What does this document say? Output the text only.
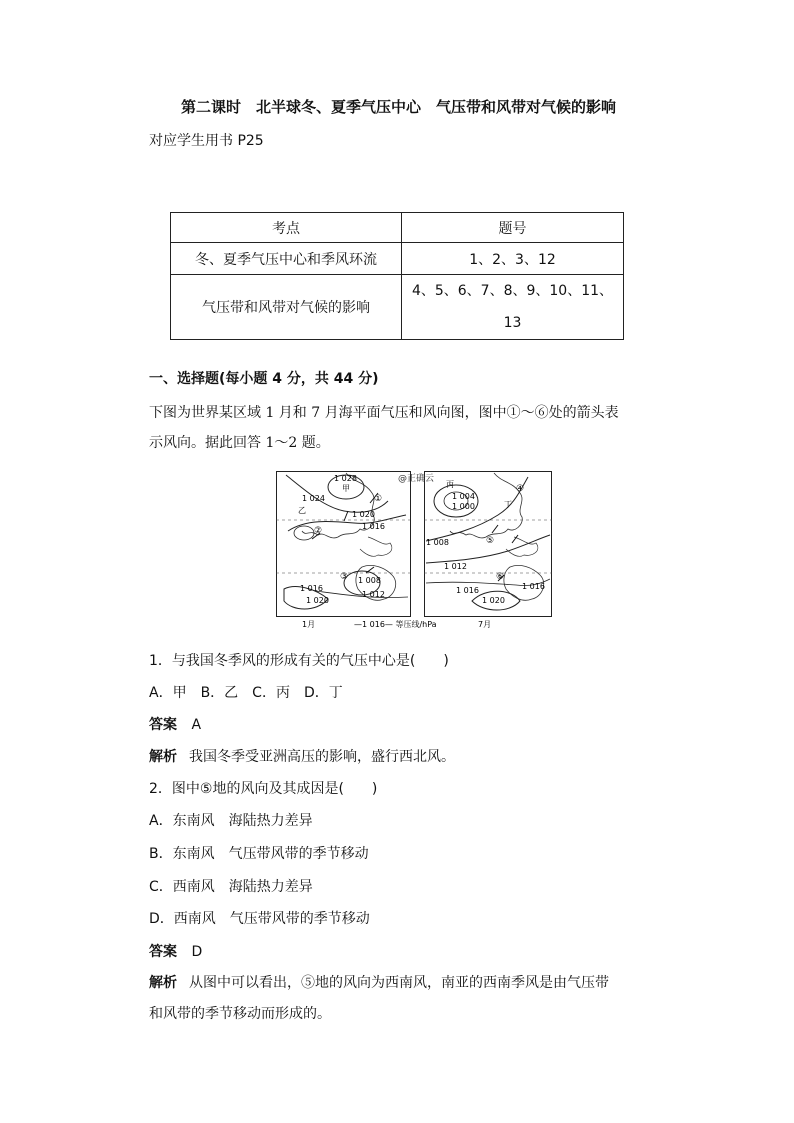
第二课时　北半球冬、夏季气压中心　气压带和风带对气候的影响
对应学生用书 P25
考点	题号
冬、夏季气压中心和季风环流	1、2、3、12
气压带和风带对气候的影响	4、5、6、7、8、9、10、11、
13
一、选择题(每小题 4 分，共 44 分)
下图为世界某区域 1 月和 7 月海平面气压和风向图，图中①～⑥处的箭头表
示风向。据此回答 1～2 题。
1 028
1 024
甲
1 020
1 016
乙
1 016
1 008
1 012
1 020
①
②
③
1 004
1 000
丙
1 008
1 012
1 016	1 016
1 020
丁
④
⑤
⑥
@正确云
1月	—1 016— 等压线/hPa	7月
1．与我国冬季风的形成有关的气压中心是(　　)
A．甲　B．乙　C．丙　D．丁
答案 A
解析 我国冬季受亚洲高压的影响，盛行西北风。
2．图中⑤地的风向及其成因是(　　)
A．东南风　海陆热力差异
B．东南风　气压带风带的季节移动
C．西南风　海陆热力差异
D．西南风　气压带风带的季节移动
答案 D
解析 从图中可以看出，⑤地的风向为西南风，南亚的西南季风是由气压带
和风带的季节移动而形成的。
